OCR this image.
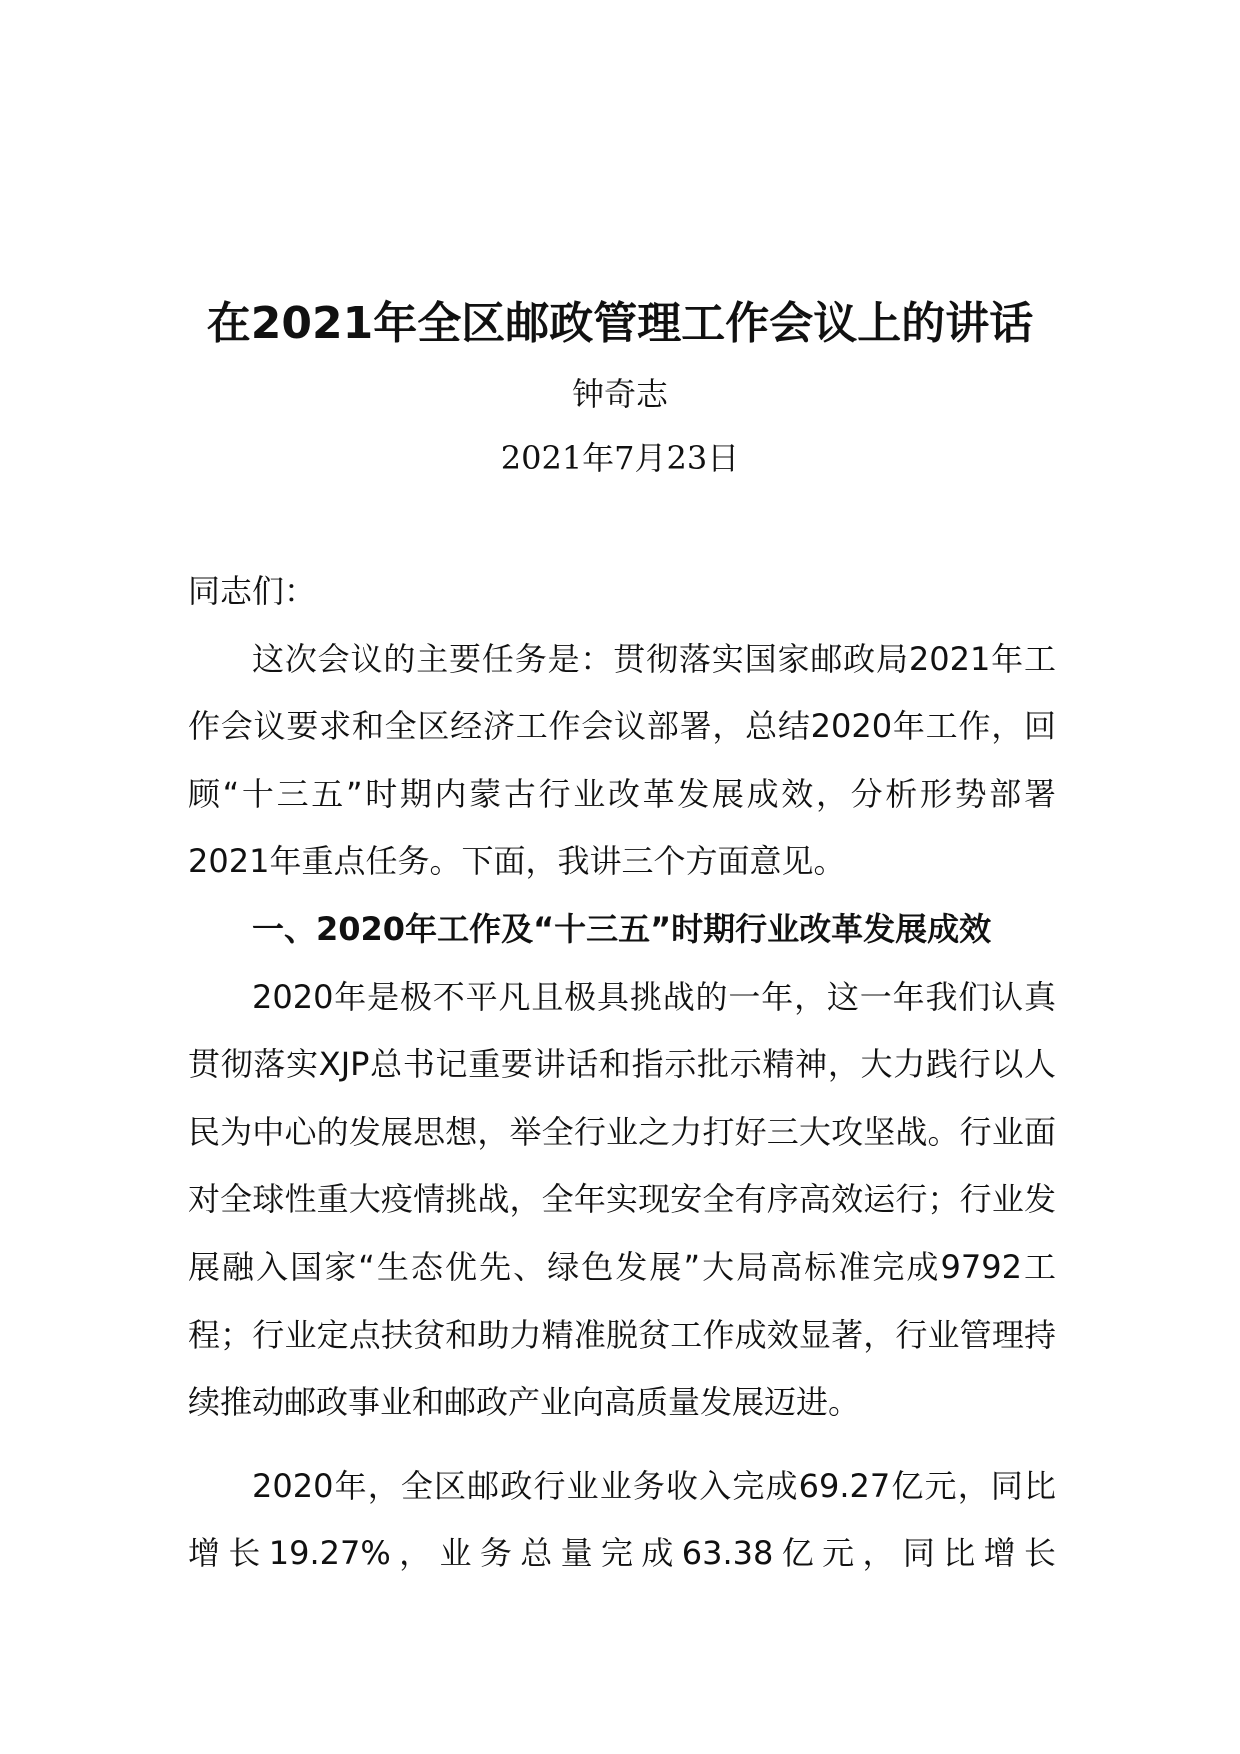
在2021年全区邮政管理工作会议上的讲话
钟奇志
2021年7月23日

同志们：

这次会议的主要任务是：贯彻落实国家邮政局2021年工作会议要求和全区经济工作会议部署，总结2020年工作，回顾“十三五”时期内蒙古行业改革发展成效，分析形势部署2021年重点任务。下面，我讲三个方面意见。

一、2020年工作及“十三五”时期行业改革发展成效

2020年是极不平凡且极具挑战的一年，这一年我们认真贯彻落实XJP总书记重要讲话和指示批示精神，大力践行以人民为中心的发展思想，举全行业之力打好三大攻坚战。行业面对全球性重大疫情挑战，全年实现安全有序高效运行；行业发展融入国家“生态优先、绿色发展”大局高标准完成9792工程；行业定点扶贫和助力精准脱贫工作成效显著，行业管理持续推动邮政事业和邮政产业向高质量发展迈进。

2020年，全区邮政行业业务收入完成69.27亿元，同比增长19.27%，业务总量完成63.38亿元，同比增长
